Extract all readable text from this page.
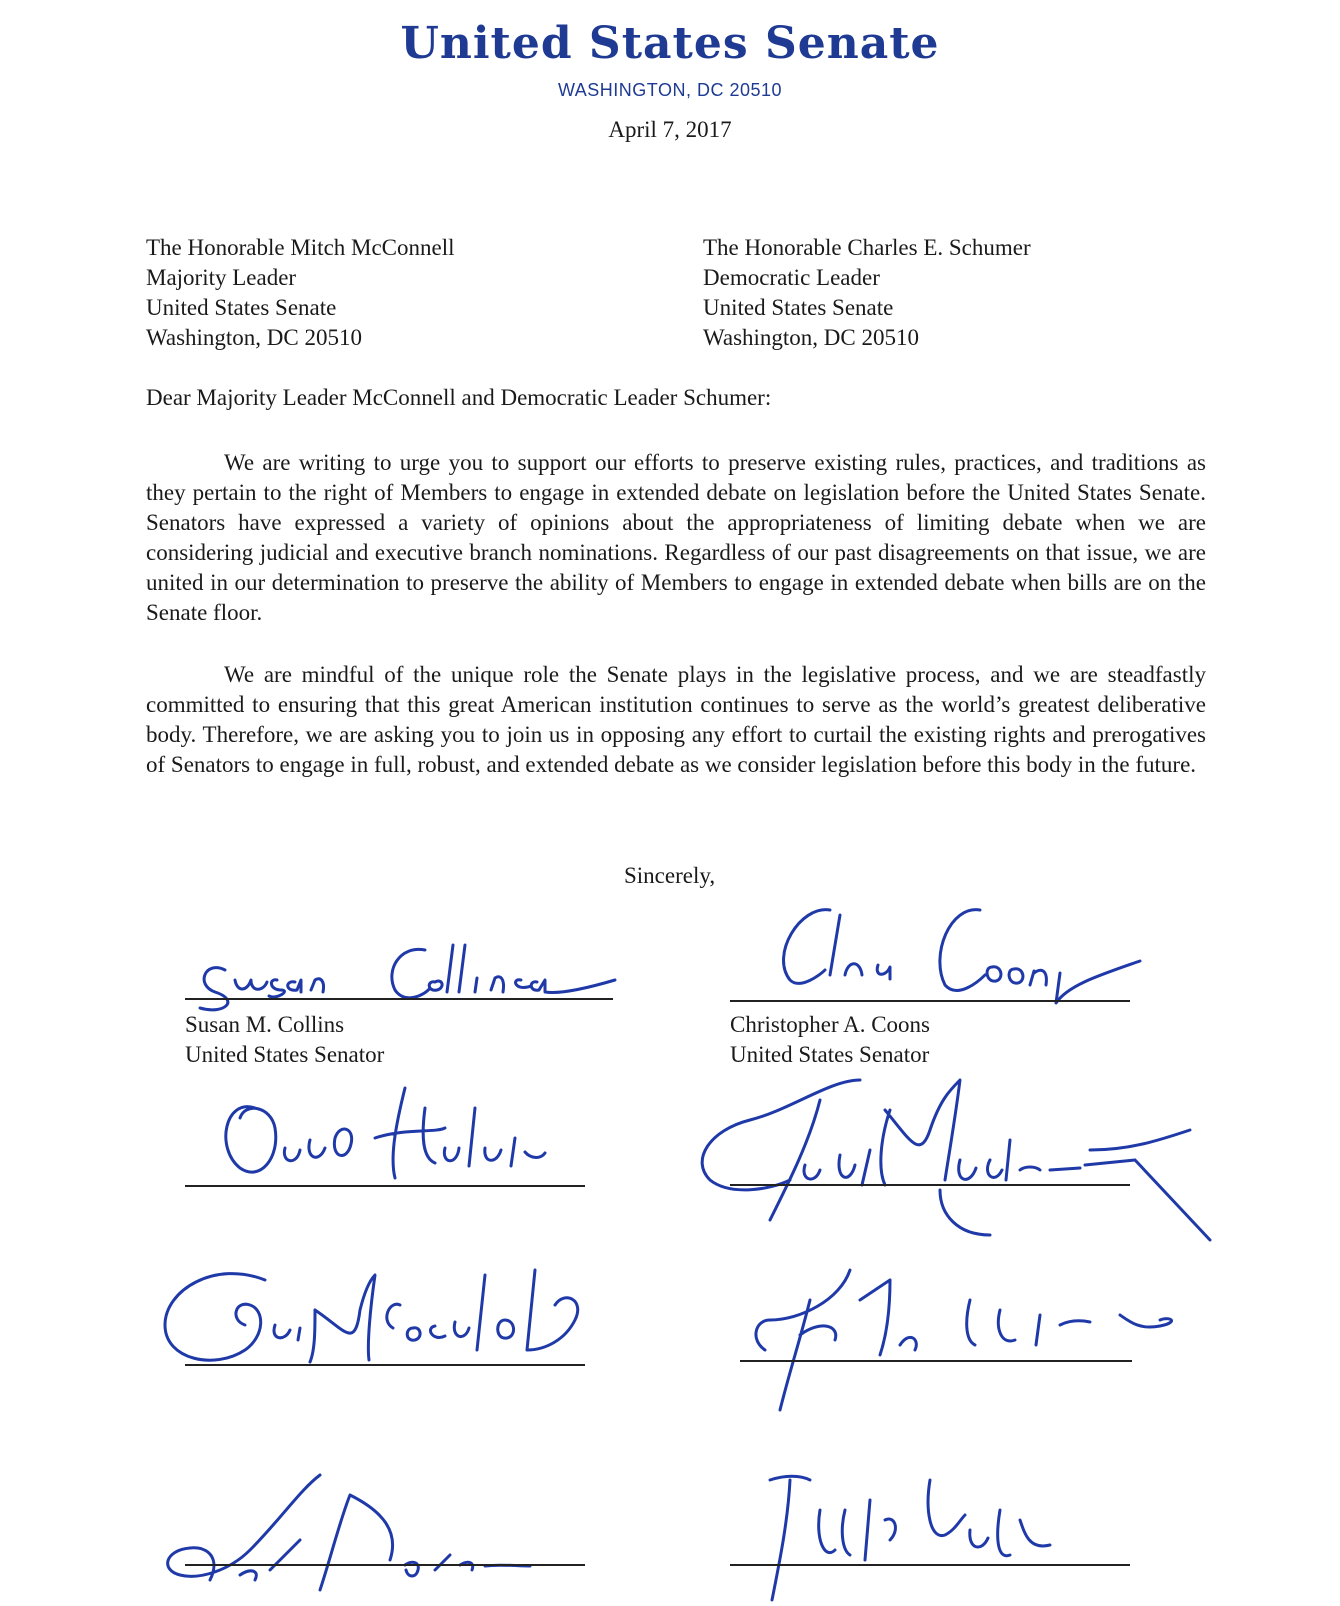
United States Senate
WASHINGTON, DC 20510
April 7, 2017
The Honorable Mitch McConnell
Majority Leader
United States Senate
Washington, DC 20510
The Honorable Charles E. Schumer
Democratic Leader
United States Senate
Washington, DC 20510
Dear Majority Leader McConnell and Democratic Leader Schumer:
We are writing to urge you to support our efforts to preserve existing rules, practices, and traditions as they pertain to the right of Members to engage in extended debate on legislation before the United States Senate. Senators have expressed a variety of opinions about the appropriateness of limiting debate when we are considering judicial and executive branch nominations. Regardless of our past disagreements on that issue, we are united in our determination to preserve the ability of Members to engage in extended debate when bills are on the Senate floor.
We are mindful of the unique role the Senate plays in the legislative process, and we are steadfastly committed to ensuring that this great American institution continues to serve as the world’s greatest deliberative body. Therefore, we are asking you to join us in opposing any effort to curtail the existing rights and prerogatives of Senators to engage in full, robust, and extended debate as we consider legislation before this body in the future.
Sincerely,
Susan M. Collins
United States Senator
Christopher A. Coons
United States Senator
